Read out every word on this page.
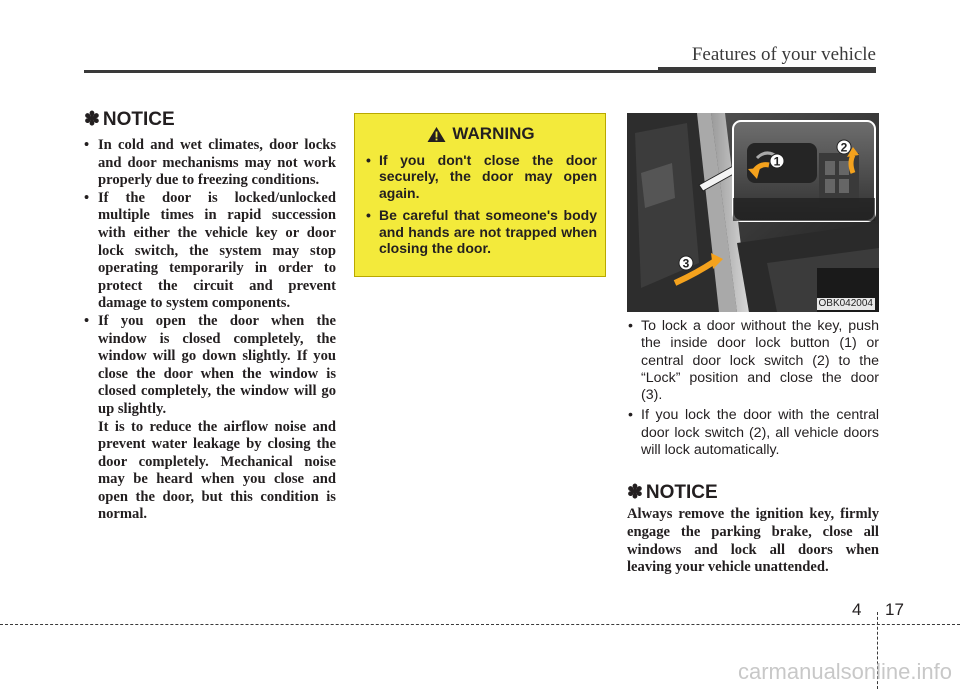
Features of your vehicle
✽ NOTICE
• In cold and wet climates, door locks and door mechanisms may not work properly due to freezing conditions.
• If the door is locked/unlocked multiple times in rapid succession with either the vehicle key or door lock switch, the system may stop operating temporarily in order to protect the circuit and prevent damage to system components.
• If you open the door when the window is closed completely, the window will go down slightly. If you close the door when the window is closed completely, the window will go up slightly.
It is to reduce the airflow noise and prevent water leakage by closing the door completely. Mechanical noise may be heard when you close and open the door, but this condition is normal.
WARNING
• If you don't close the door securely, the door may open again.
• Be careful that someone's body and hands are not trapped when closing the door.
1
2
3
OBK042004
• To lock a door without the key, push the inside door lock button (1) or central door lock switch (2) to the “Lock” position and close the door (3).
• If you lock the door with the central door lock switch (2), all vehicle doors will lock automatically.
✽ NOTICE

Always remove the ignition key, firmly engage the parking brake, close all windows and lock all doors when leaving your vehicle unattended.

4 17
carmanualsonline.info
